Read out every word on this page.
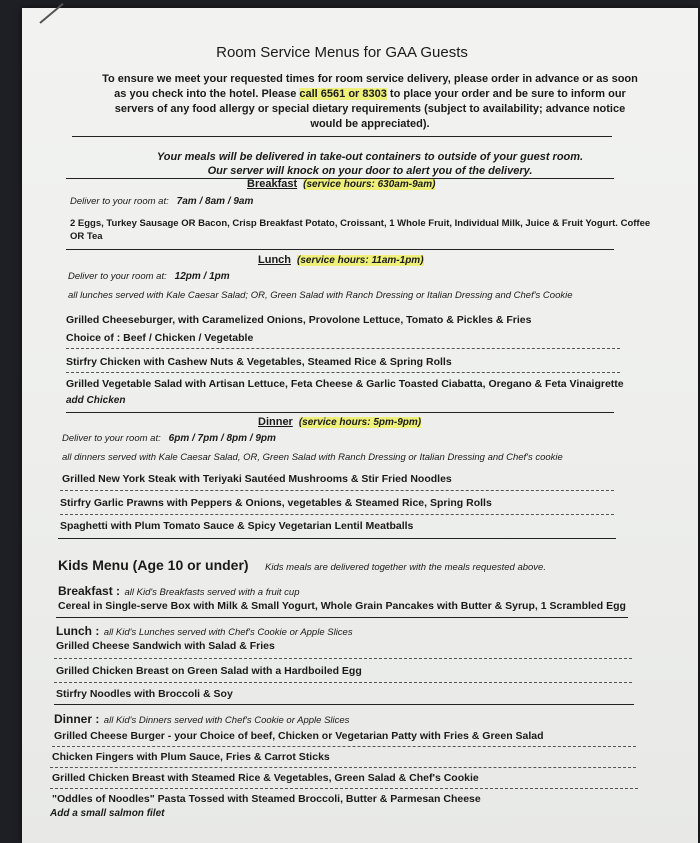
Room Service Menus for GAA Guests
To ensure we meet your requested times for room service delivery, please order in advance or as soon as you check into the hotel. Please call 6561 or 8303 to place your order and be sure to inform our servers of any food allergy or special dietary requirements (subject to availability; advance notice would be appreciated).
Your meals will be delivered in take-out containers to outside of your guest room.
Our server will knock on your door to alert you of the delivery.
Breakfast (service hours: 630am-9am)
Deliver to your room at: 7am / 8am / 9am
2 Eggs, Turkey Sausage OR Bacon, Crisp Breakfast Potato, Croissant, 1 Whole Fruit, Individual Milk, Juice & Fruit Yogurt. Coffee
OR Tea
Lunch (service hours: 11am-1pm)
Deliver to your room at: 12pm / 1pm
all lunches served with Kale Caesar Salad; OR, Green Salad with Ranch Dressing or Italian Dressing and Chef's Cookie
Grilled Cheeseburger, with Caramelized Onions, Provolone Lettuce, Tomato & Pickles & Fries
Choice of : Beef / Chicken / Vegetable
Stirfry Chicken with Cashew Nuts & Vegetables, Steamed Rice & Spring Rolls
Grilled Vegetable Salad with Artisan Lettuce, Feta Cheese & Garlic Toasted Ciabatta, Oregano & Feta Vinaigrette
add Chicken
Dinner (service hours: 5pm-9pm)
Deliver to your room at: 6pm / 7pm / 8pm / 9pm
all dinners served with Kale Caesar Salad, OR, Green Salad with Ranch Dressing or Italian Dressing and Chef's cookie
Grilled New York Steak with Teriyaki Sautéed Mushrooms & Stir Fried Noodles
Stirfry Garlic Prawns with Peppers & Onions, vegetables & Steamed Rice, Spring Rolls
Spaghetti with Plum Tomato Sauce & Spicy Vegetarian Lentil Meatballs
Kids Menu (Age 10 or under) Kids meals are delivered together with the meals requested above.
Breakfast : all Kid's Breakfasts served with a fruit cup
Cereal in Single-serve Box with Milk & Small Yogurt, Whole Grain Pancakes with Butter & Syrup, 1 Scrambled Egg
Lunch : all Kid's Lunches served with Chef's Cookie or Apple Slices
Grilled Cheese Sandwich with Salad & Fries
Grilled Chicken Breast on Green Salad with a Hardboiled Egg
Stirfry Noodles with Broccoli & Soy
Dinner : all Kid's Dinners served with Chef's Cookie or Apple Slices
Grilled Cheese Burger - your Choice of beef, Chicken or Vegetarian Patty with Fries & Green Salad
Chicken Fingers with Plum Sauce, Fries & Carrot Sticks
Grilled Chicken Breast with Steamed Rice & Vegetables, Green Salad & Chef's Cookie
"Oddles of Noodles" Pasta Tossed with Steamed Broccoli, Butter & Parmesan Cheese
Add a small salmon filet
